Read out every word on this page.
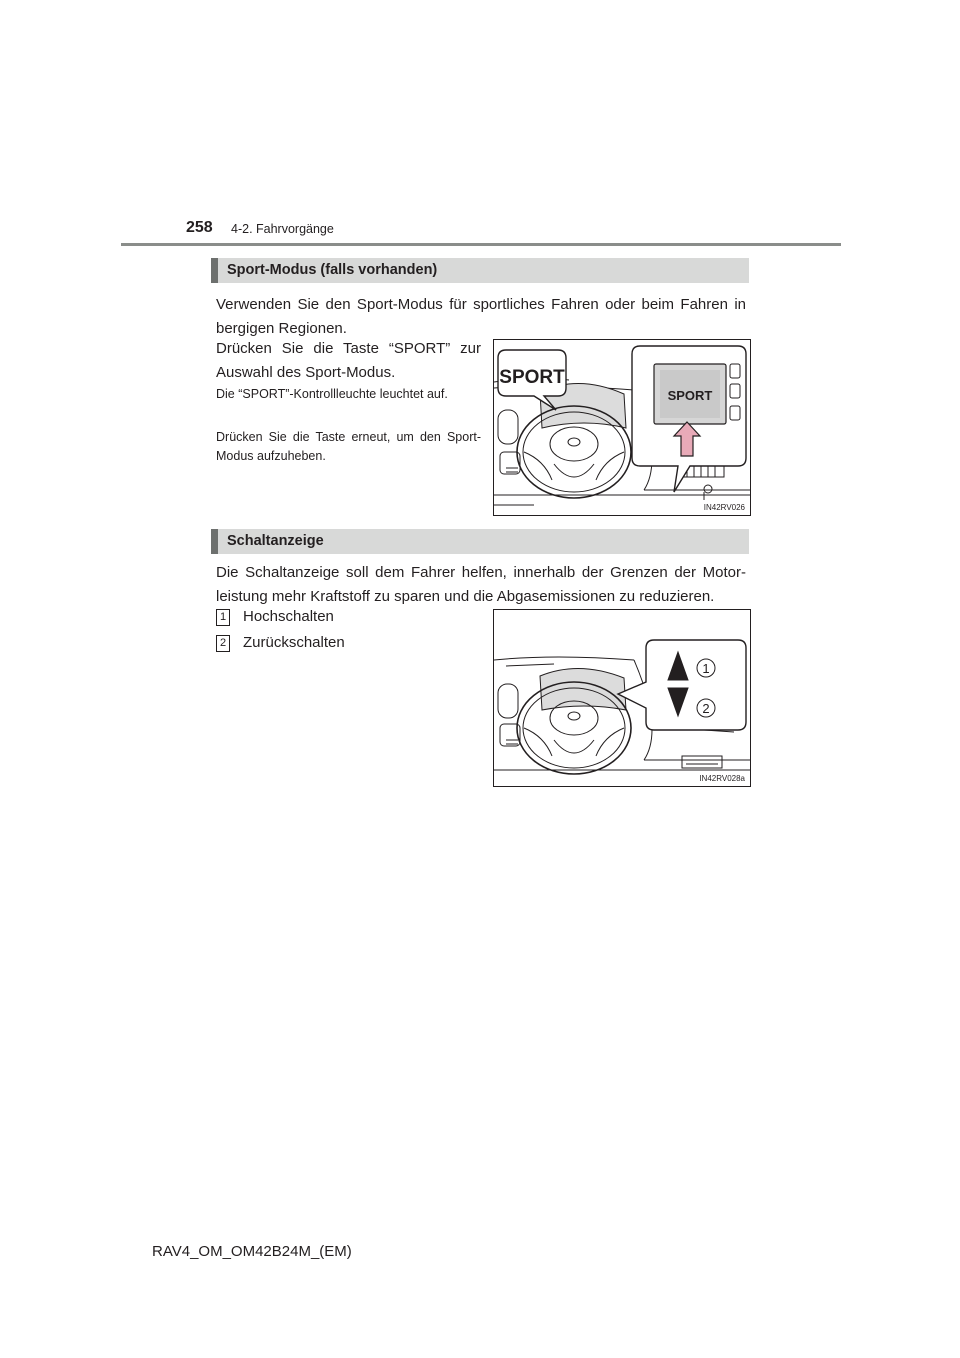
258 4-2. Fahrvorgänge
Sport-Modus (falls vorhanden)
Verwenden Sie den Sport-Modus für sportliches Fahren oder beim Fahren in bergigen Regionen.
Drücken Sie die Taste “SPORT” zur Auswahl des Sport-Modus.
Die “SPORT”-Kontrollleuchte leuchtet auf.
Drücken Sie die Taste erneut, um den Sport-Modus aufzuheben.
SPORT
SPORT
IN42RV026
Schaltanzeige
Die Schaltanzeige soll dem Fahrer helfen, innerhalb der Grenzen der Motor-leistung mehr Kraftstoff zu sparen und die Abgasemissionen zu reduzieren.
1 Hochschalten
2 Zurückschalten
1
2
IN42RV028a
RAV4_OM_OM42B24M_(EM)
